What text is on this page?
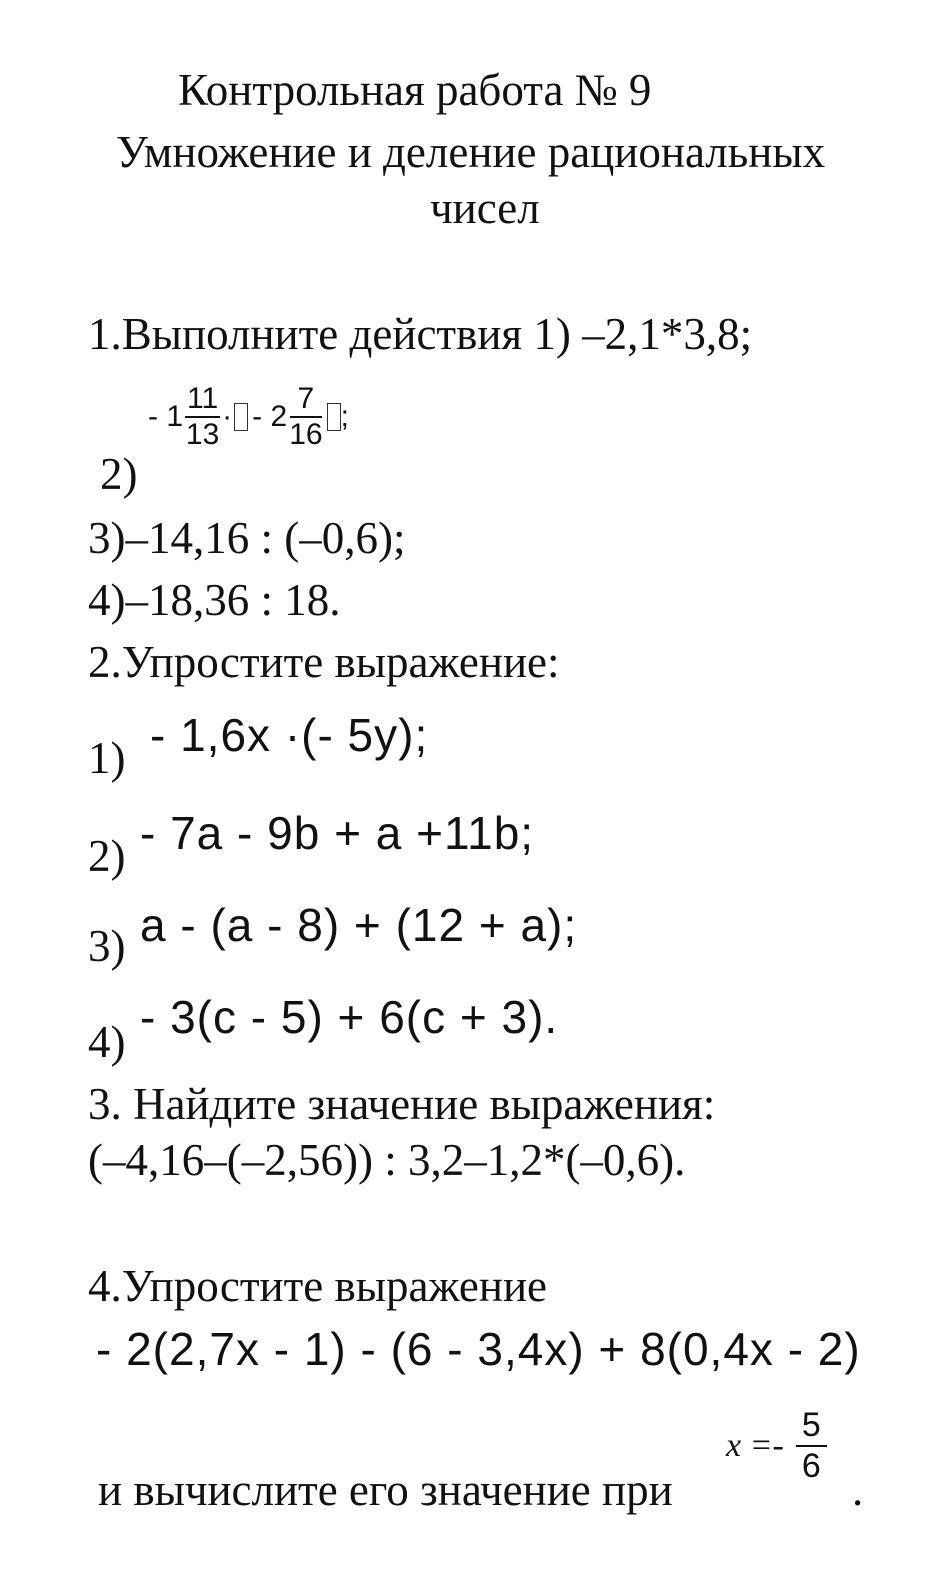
Контрольная работа № 9
Умножение и деление рациональных
чисел
1.Выполните действия 1) –2,1*3,8;
- $1 \frac{11}{13}$ · - $2 \frac{7}{16}$ ;
2)
3)–14,16 : (–0,6);
4)–18,36 : 18.
2.Упростите выражение:
1) - 1,6x ·(- 5y);
2) - 7a - 9b + a +11b;
3) a - (a - 8) + (12 + a);
4) - 3(c - 5) + 6(c + 3).
3. Найдите значение выражения:
(–4,16–(–2,56)) : 3,2–1,2*(–0,6).
4.Упростите выражение
- 2(2,7x - 1) - (6 - 3,4x) + 8(0,4x - 2)
и вычислите его значение при
$x =- \frac{5}{6}$
.
